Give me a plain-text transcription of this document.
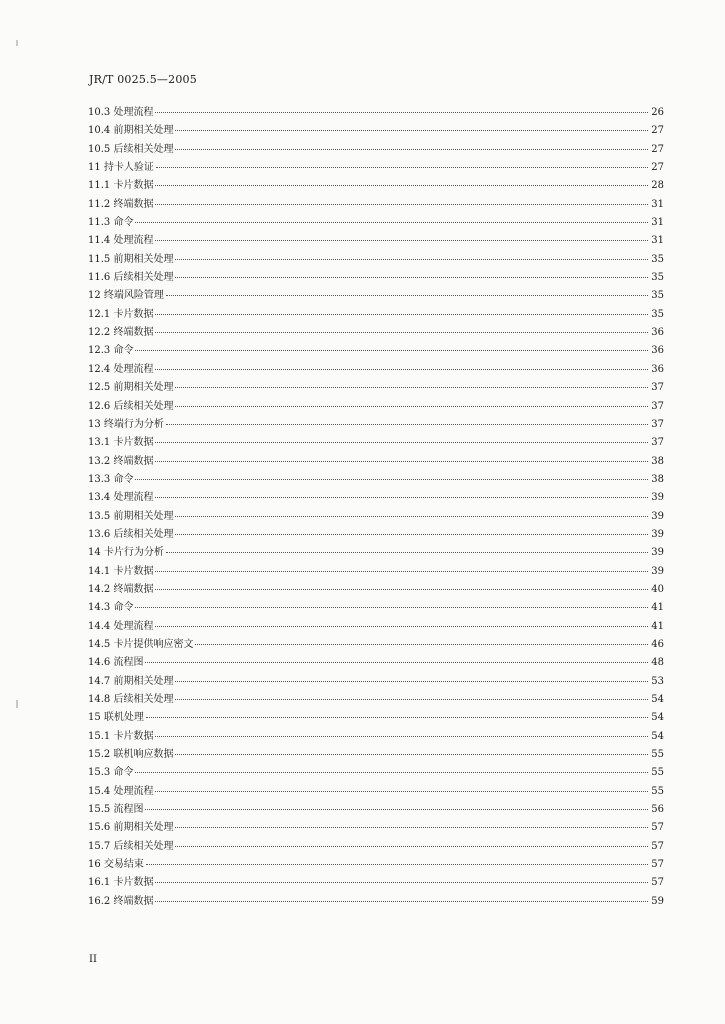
JR/T 0025.5—2005
10.3 处理流程	26
10.4 前期相关处理	27
10.5 后续相关处理	27
11 持卡人验证	27
11.1 卡片数据	28
11.2 终端数据	31
11.3 命令	31
11.4 处理流程	31
11.5 前期相关处理	35
11.6 后续相关处理	35
12 终端风险管理	35
12.1 卡片数据	35
12.2 终端数据	36
12.3 命令	36
12.4 处理流程	36
12.5 前期相关处理	37
12.6 后续相关处理	37
13 终端行为分析	37
13.1 卡片数据	37
13.2 终端数据	38
13.3 命令	38
13.4 处理流程	39
13.5 前期相关处理	39
13.6 后续相关处理	39
14 卡片行为分析	39
14.1 卡片数据	39
14.2 终端数据	40
14.3 命令	41
14.4 处理流程	41
14.5 卡片提供响应密文	46
14.6 流程图	48
14.7 前期相关处理	53
14.8 后续相关处理	54
15 联机处理	54
15.1 卡片数据	54
15.2 联机响应数据	55
15.3 命令	55
15.4 处理流程	55
15.5 流程图	56
15.6 前期相关处理	57
15.7 后续相关处理	57
16 交易结束	57
16.1 卡片数据	57
16.2 终端数据	59
II
